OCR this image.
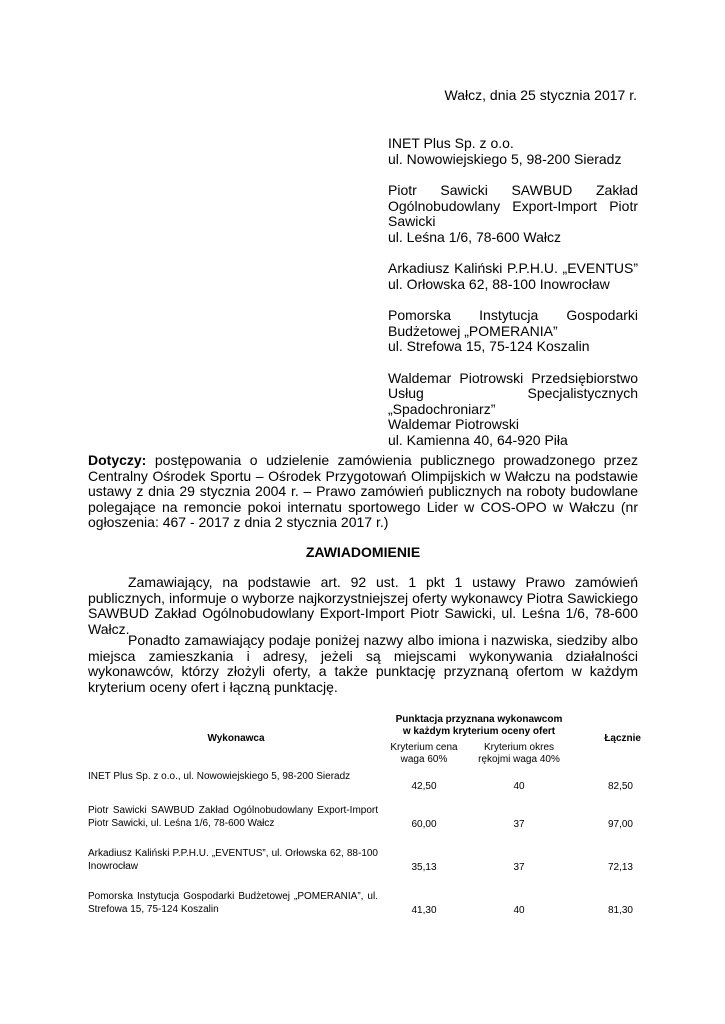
Wałcz, dnia 25 stycznia 2017 r.
INET Plus Sp. z o.o.
ul. Nowowiejskiego 5, 98-200 Sieradz
Piotr Sawicki SAWBUD Zakład
Ogólnobudowlany Export-Import Piotr
Sawicki
ul. Leśna 1/6, 78-600 Wałcz
Arkadiusz Kaliński P.P.H.U. „EVENTUS”
ul. Orłowska 62, 88-100 Inowrocław
Pomorska Instytucja Gospodarki
Budżetowej „POMERANIA”
ul. Strefowa 15, 75-124 Koszalin
Waldemar Piotrowski Przedsiębiorstwo
Usług Specjalistycznych „Spadochroniarz”
Waldemar Piotrowski
ul. Kamienna 40, 64-920 Piła
Dotyczy: postępowania o udzielenie zamówienia publicznego prowadzonego przez Centralny Ośrodek Sportu – Ośrodek Przygotowań Olimpijskich w Wałczu na podstawie ustawy z dnia 29 stycznia 2004 r. – Prawo zamówień publicznych na roboty budowlane polegające na remoncie pokoi internatu sportowego Lider w COS-OPO w Wałczu (nr ogłoszenia: 467 - 2017 z dnia 2 stycznia 2017 r.)
ZAWIADOMIENIE
Zamawiający, na podstawie art. 92 ust. 1 pkt 1 ustawy Prawo zamówień publicznych, informuje o wyborze najkorzystniejszej oferty wykonawcy Piotra Sawickiego SAWBUD Zakład Ogólnobudowlany Export-Import Piotr Sawicki, ul. Leśna 1/6, 78-600 Wałcz.
Ponadto zamawiający podaje poniżej nazwy albo imiona i nazwiska, siedziby albo miejsca zamieszkania i adresy, jeżeli są miejscami wykonywania działalności wykonawców, którzy złożyli oferty, a także punktację przyznaną ofertom w każdym kryterium oceny ofert i łączną punktację.
Wykonawca	Punktacja przyznana wykonawcom w każdym kryterium oceny ofert		Łącznie
	Kryterium cena waga 60%	Kryterium okres rękojmi waga 40%	
INET Plus Sp. z o.o., ul. Nowowiejskiego 5, 98-200 Sieradz	42,50	40	82,50
Piotr Sawicki SAWBUD Zakład Ogólnobudowlany Export-Import Piotr Sawicki, ul. Leśna 1/6, 78-600 Wałcz	60,00	37	97,00
Arkadiusz Kaliński P.P.H.U. „EVENTUS”, ul. Orłowska 62, 88-100 Inowrocław	35,13	37	72,13
Pomorska Instytucja Gospodarki Budżetowej „POMERANIA”, ul. Strefowa 15, 75-124 Koszalin	41,30	40	81,30
